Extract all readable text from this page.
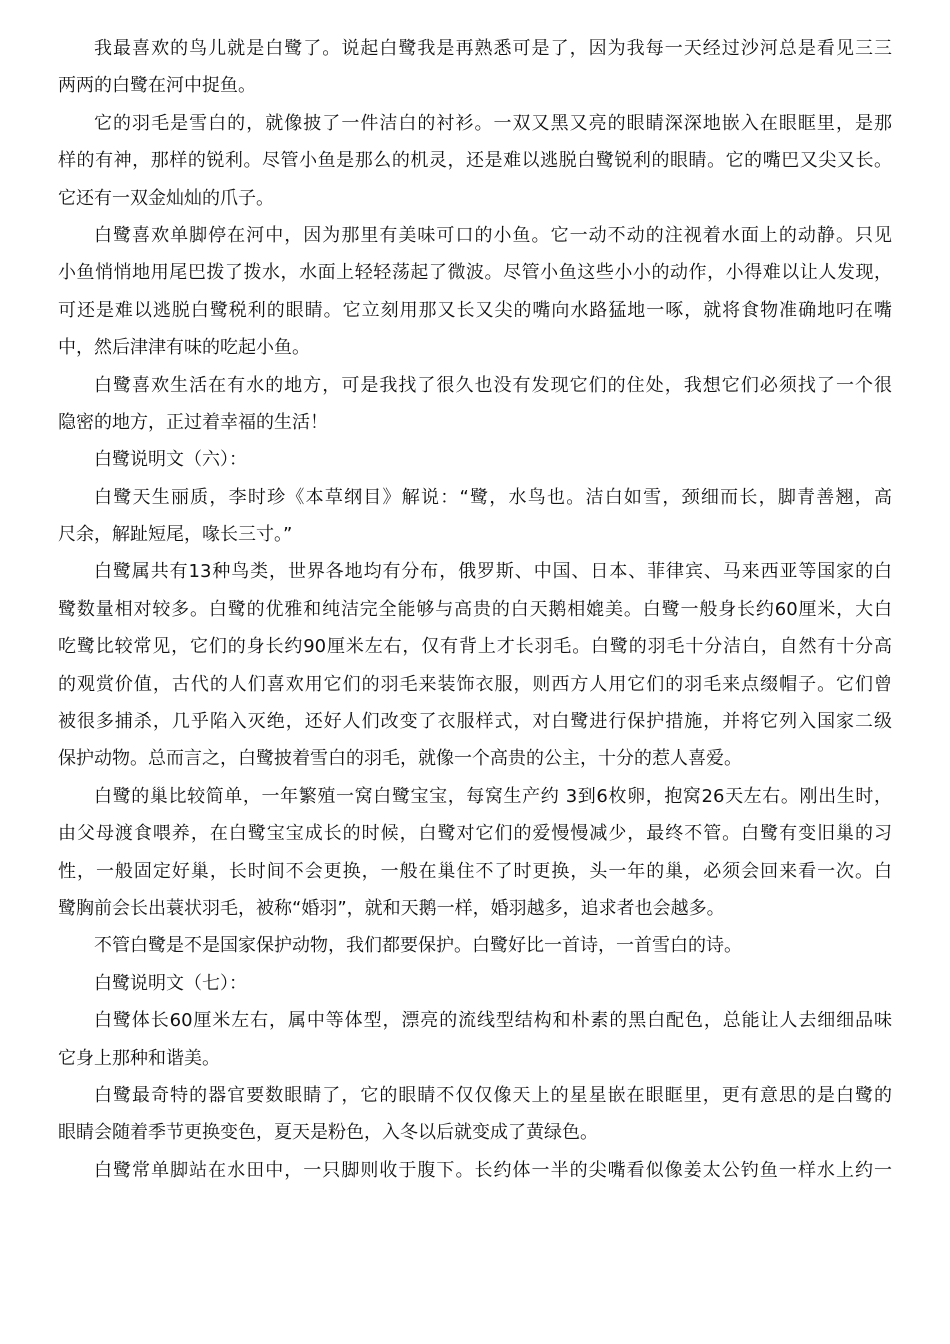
我最喜欢的鸟儿就是白鹭了。说起白鹭我是再熟悉可是了，因为我每一天经过沙河总是看见三三
两两的白鹭在河中捉鱼。
它的羽毛是雪白的，就像披了一件洁白的衬衫。一双又黑又亮的眼睛深深地嵌入在眼眶里，是那
样的有神，那样的锐利。尽管小鱼是那么的机灵，还是难以逃脱白鹭锐利的眼睛。它的嘴巴又尖又长。
它还有一双金灿灿的爪子。
白鹭喜欢单脚停在河中，因为那里有美味可口的小鱼。它一动不动的注视着水面上的动静。只见
小鱼悄悄地用尾巴拨了拨水，水面上轻轻荡起了微波。尽管小鱼这些小小的动作，小得难以让人发现，
可还是难以逃脱白鹭税利的眼睛。它立刻用那又长又尖的嘴向水路猛地一啄，就将食物准确地叼在嘴
中，然后津津有味的吃起小鱼。
白鹭喜欢生活在有水的地方，可是我找了很久也没有发现它们的住处，我想它们必须找了一个很
隐密的地方，正过着幸福的生活！
白鹭说明文（六）：
白鹭天生丽质，李时珍《本草纲目》解说：“鹭，水鸟也。洁白如雪，颈细而长，脚青善翘，高
尺余，解趾短尾，喙长三寸。”
白鹭属共有13种鸟类，世界各地均有分布，俄罗斯、中国、日本、菲律宾、马来西亚等国家的白
鹭数量相对较多。白鹭的优雅和纯洁完全能够与高贵的白天鹅相媲美。白鹭一般身长约60厘米，大白
吃鹭比较常见，它们的身长约90厘米左右，仅有背上才长羽毛。白鹭的羽毛十分洁白，自然有十分高
的观赏价值，古代的人们喜欢用它们的羽毛来装饰衣服，则西方人用它们的羽毛来点缀帽子。它们曾
被很多捕杀，几乎陷入灭绝，还好人们改变了衣服样式，对白鹭进行保护措施，并将它列入国家二级
保护动物。总而言之，白鹭披着雪白的羽毛，就像一个高贵的公主，十分的惹人喜爱。
白鹭的巢比较简单，一年繁殖一窝白鹭宝宝，每窝生产约 3到6枚卵，抱窝26天左右。刚出生时，
由父母渡食喂养，在白鹭宝宝成长的时候，白鹭对它们的爱慢慢减少，最终不管。白鹭有变旧巢的习
性，一般固定好巢，长时间不会更换，一般在巢住不了时更换，头一年的巢，必须会回来看一次。白
鹭胸前会长出蓑状羽毛，被称“婚羽”，就和天鹅一样，婚羽越多，追求者也会越多。
不管白鹭是不是国家保护动物，我们都要保护。白鹭好比一首诗，一首雪白的诗。
白鹭说明文（七）：
白鹭体长60厘米左右，属中等体型，漂亮的流线型结构和朴素的黑白配色，总能让人去细细品味
它身上那种和谐美。
白鹭最奇特的器官要数眼睛了，它的眼睛不仅仅像天上的星星嵌在眼眶里，更有意思的是白鹭的
眼睛会随着季节更换变色，夏天是粉色，入冬以后就变成了黄绿色。
白鹭常单脚站在水田中，一只脚则收于腹下。长约体一半的尖嘴看似像姜太公钓鱼一样水上约一
